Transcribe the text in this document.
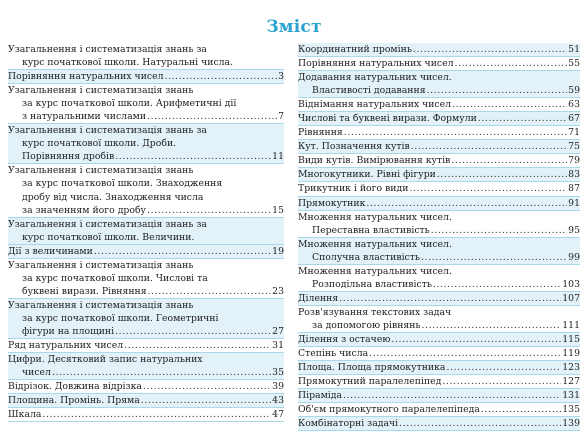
Зміст
Узагальнення і систематизація знань за
курс початкової школи. Натуральні числа.
Порівняння натуральних чисел .....	3
Узагальнення і систематизація знань
за курс початкової школи. Арифметичні дії
з натуральними числами .....	7
Узагальнення і систематизація знань за
курс початкової школи. Дроби.
Порівняння дробів .....	11
Узагальнення і систематизація знань
за курс початкової школи. Знаходження
дробу від числа. Знаходження числа
за значенням його дробу .....	15
Узагальнення і систематизація знань за
курс початкової школи. Величини.
Дії з величинами .....	19
Узагальнення і систематизація знань
за курс початкової школи. Числові та
буквені вирази. Рівняння .....	23
Узагальнення і систематизація знань
за курс початкової школи. Геометричні
фігури на площині .....	27
Ряд натуральних чисел .....	31
Цифри. Десятковий запис натуральних
чисел .....	35
Відрізок. Довжина відрізка .....	39
Площина. Промінь. Пряма .....	43
Шкала .....	47
Координатний промінь .....	51
Порівняння натуральних чисел .....	55
Додавання натуральних чисел.
Властивості додавання .....	59
Віднімання натуральних чисел .....	63
Числові та буквені вирази. Формули .....	67
Рівняння .....	71
Кут. Позначення кутів .....	75
Види кутів. Вимірювання кутів .....	79
Многокутники. Рівні фігури .....	83
Трикутник і його види .....	87
Прямокутник .....	91
Множення натуральних чисел.
Переставна властивість .....	95
Множення натуральних чисел.
Сполучна властивість .....	99
Множення натуральних чисел.
Розподільна властивість .....	103
Ділення .....	107
Розв'язування текстових задач
за допомогою рівнянь .....	111
Ділення з остачею .....	115
Степінь числа .....	119
Площа. Площа прямокутника .....	123
Прямокутний паралелепіпед .....	127
Піраміда .....	131
Об'єм прямокутного паралелепіпеда .....	135
Комбінаторні задачі .....	139
